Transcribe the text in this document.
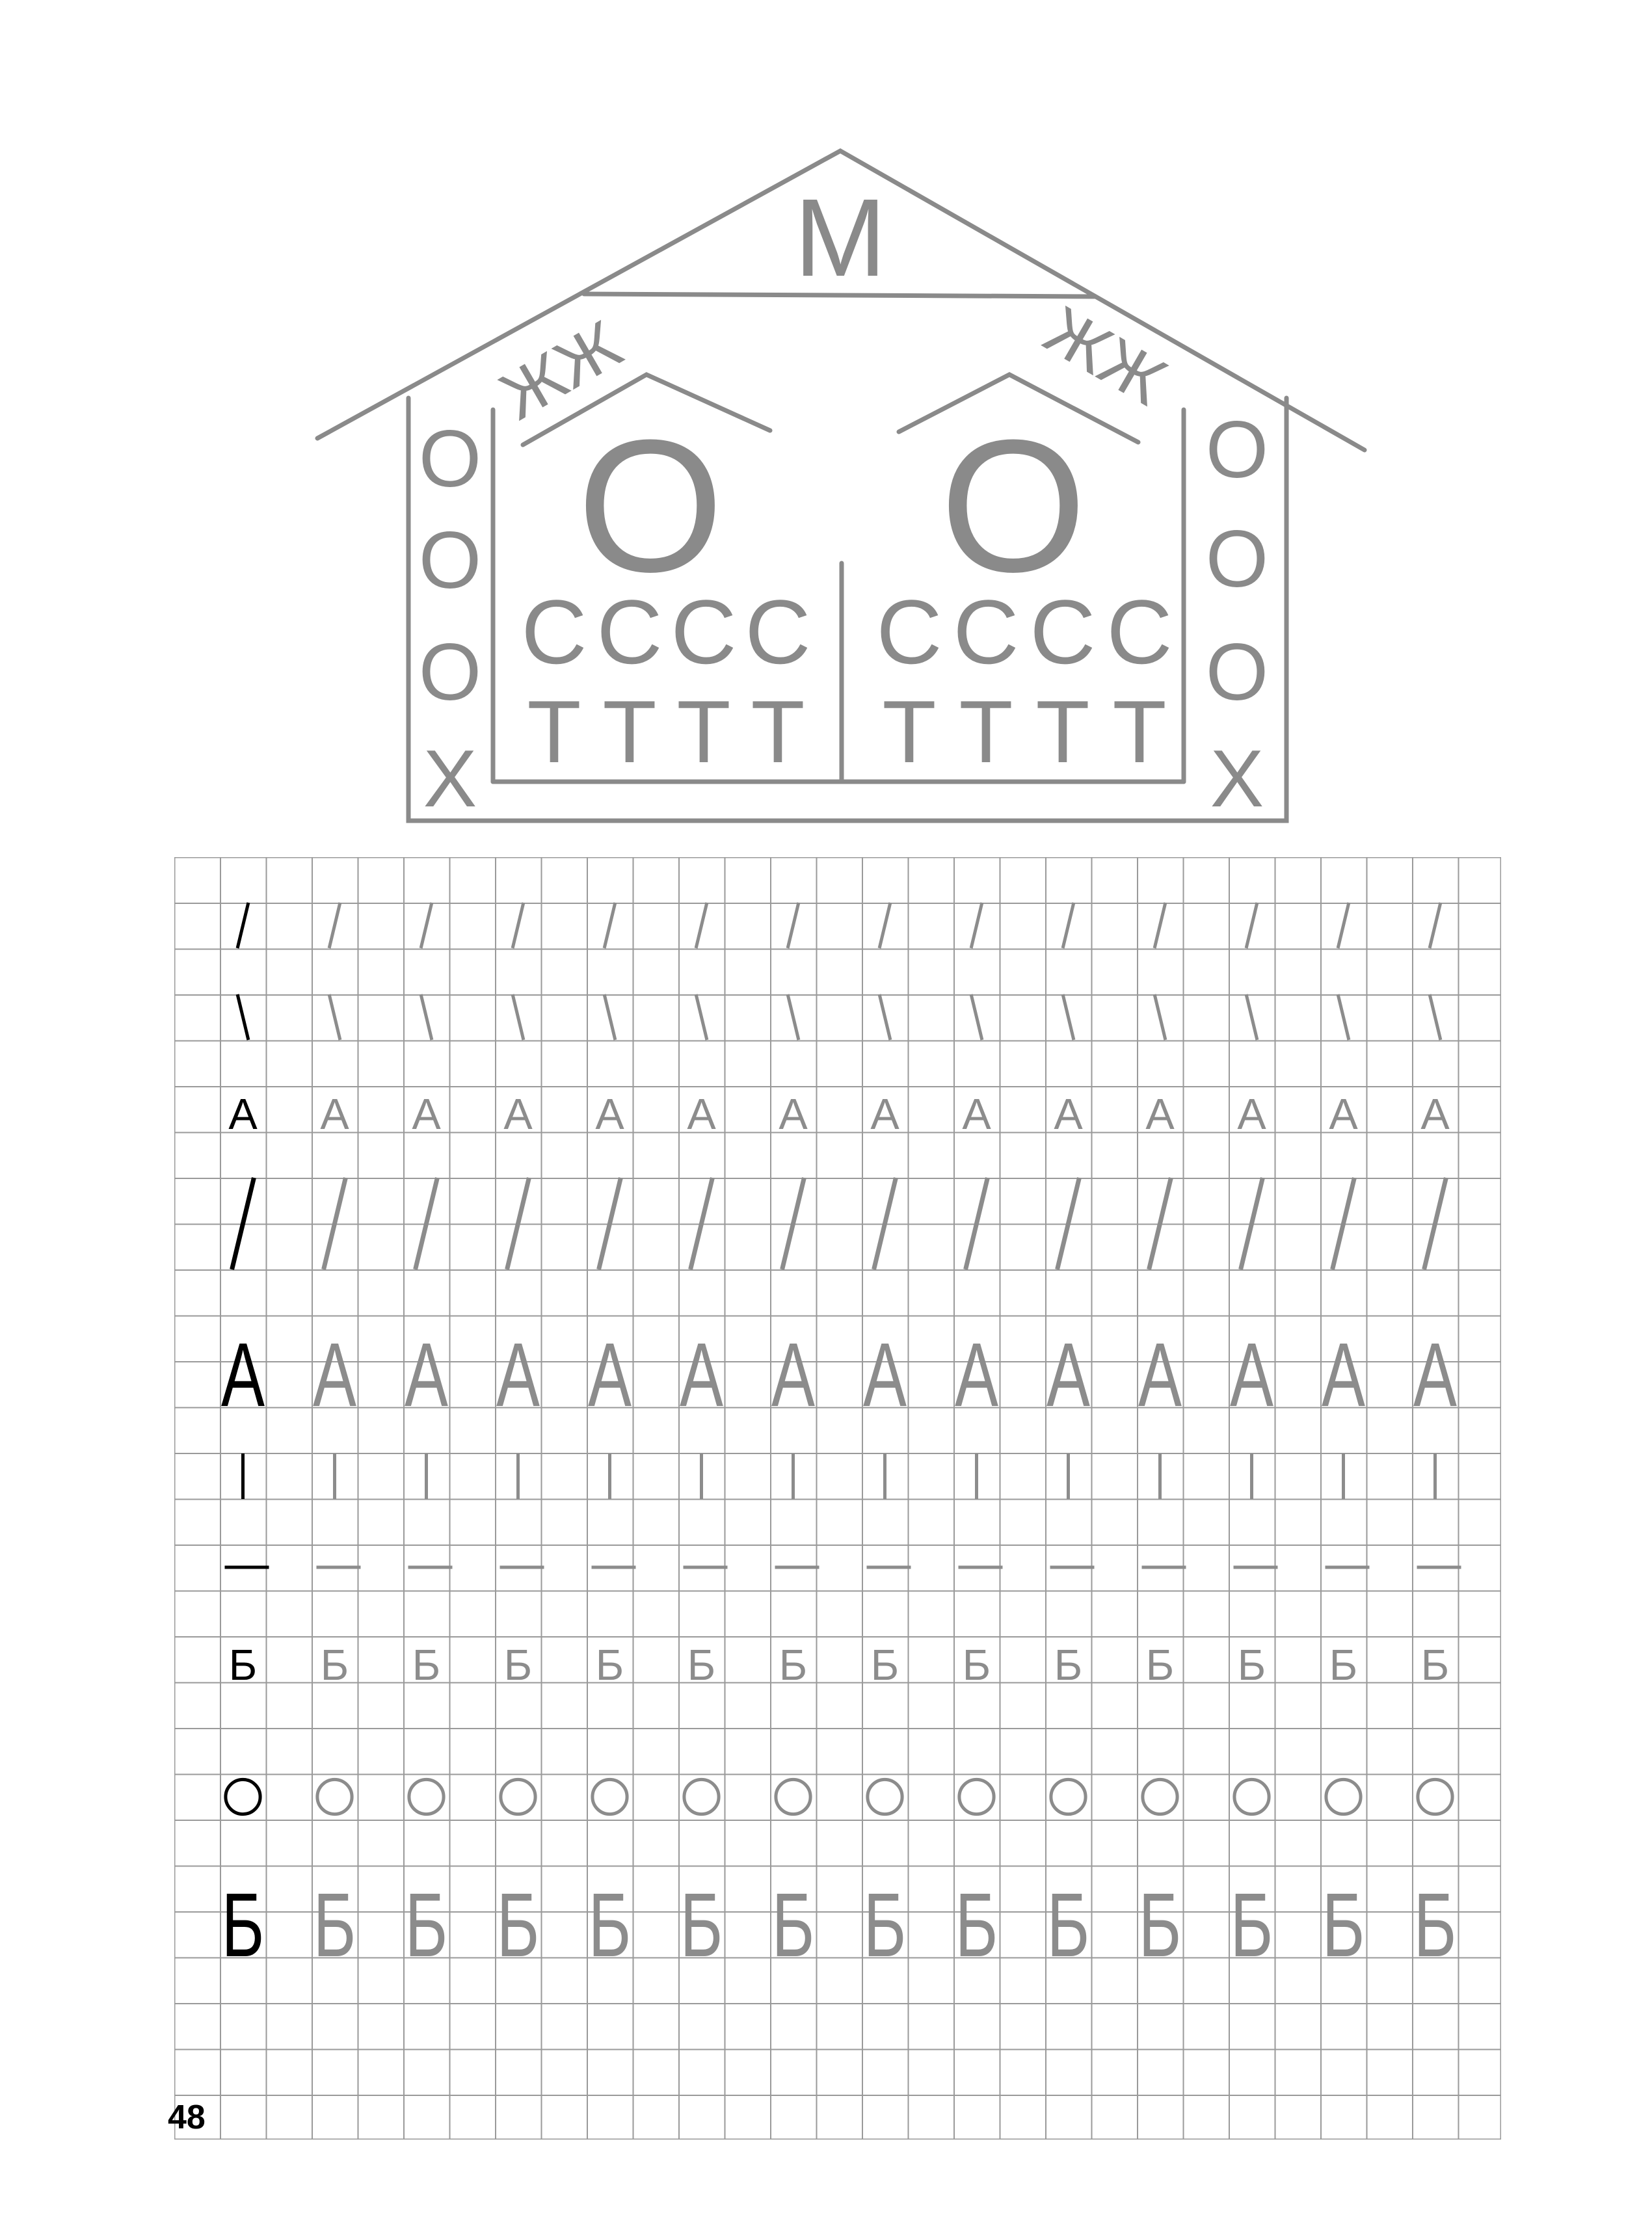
М
ЖЖ	ЖЖ
О
О
О
Х
О
О
О
Х
О О
С С С С С С С С
Т Т Т Т Т Т Т Т
А А А А А А А А А А А А А А
А А А А А А А А А А А А А А
Б Б Б Б Б Б Б Б Б Б Б Б Б Б
Б Б Б Б Б Б Б Б Б Б Б Б Б Б
48
